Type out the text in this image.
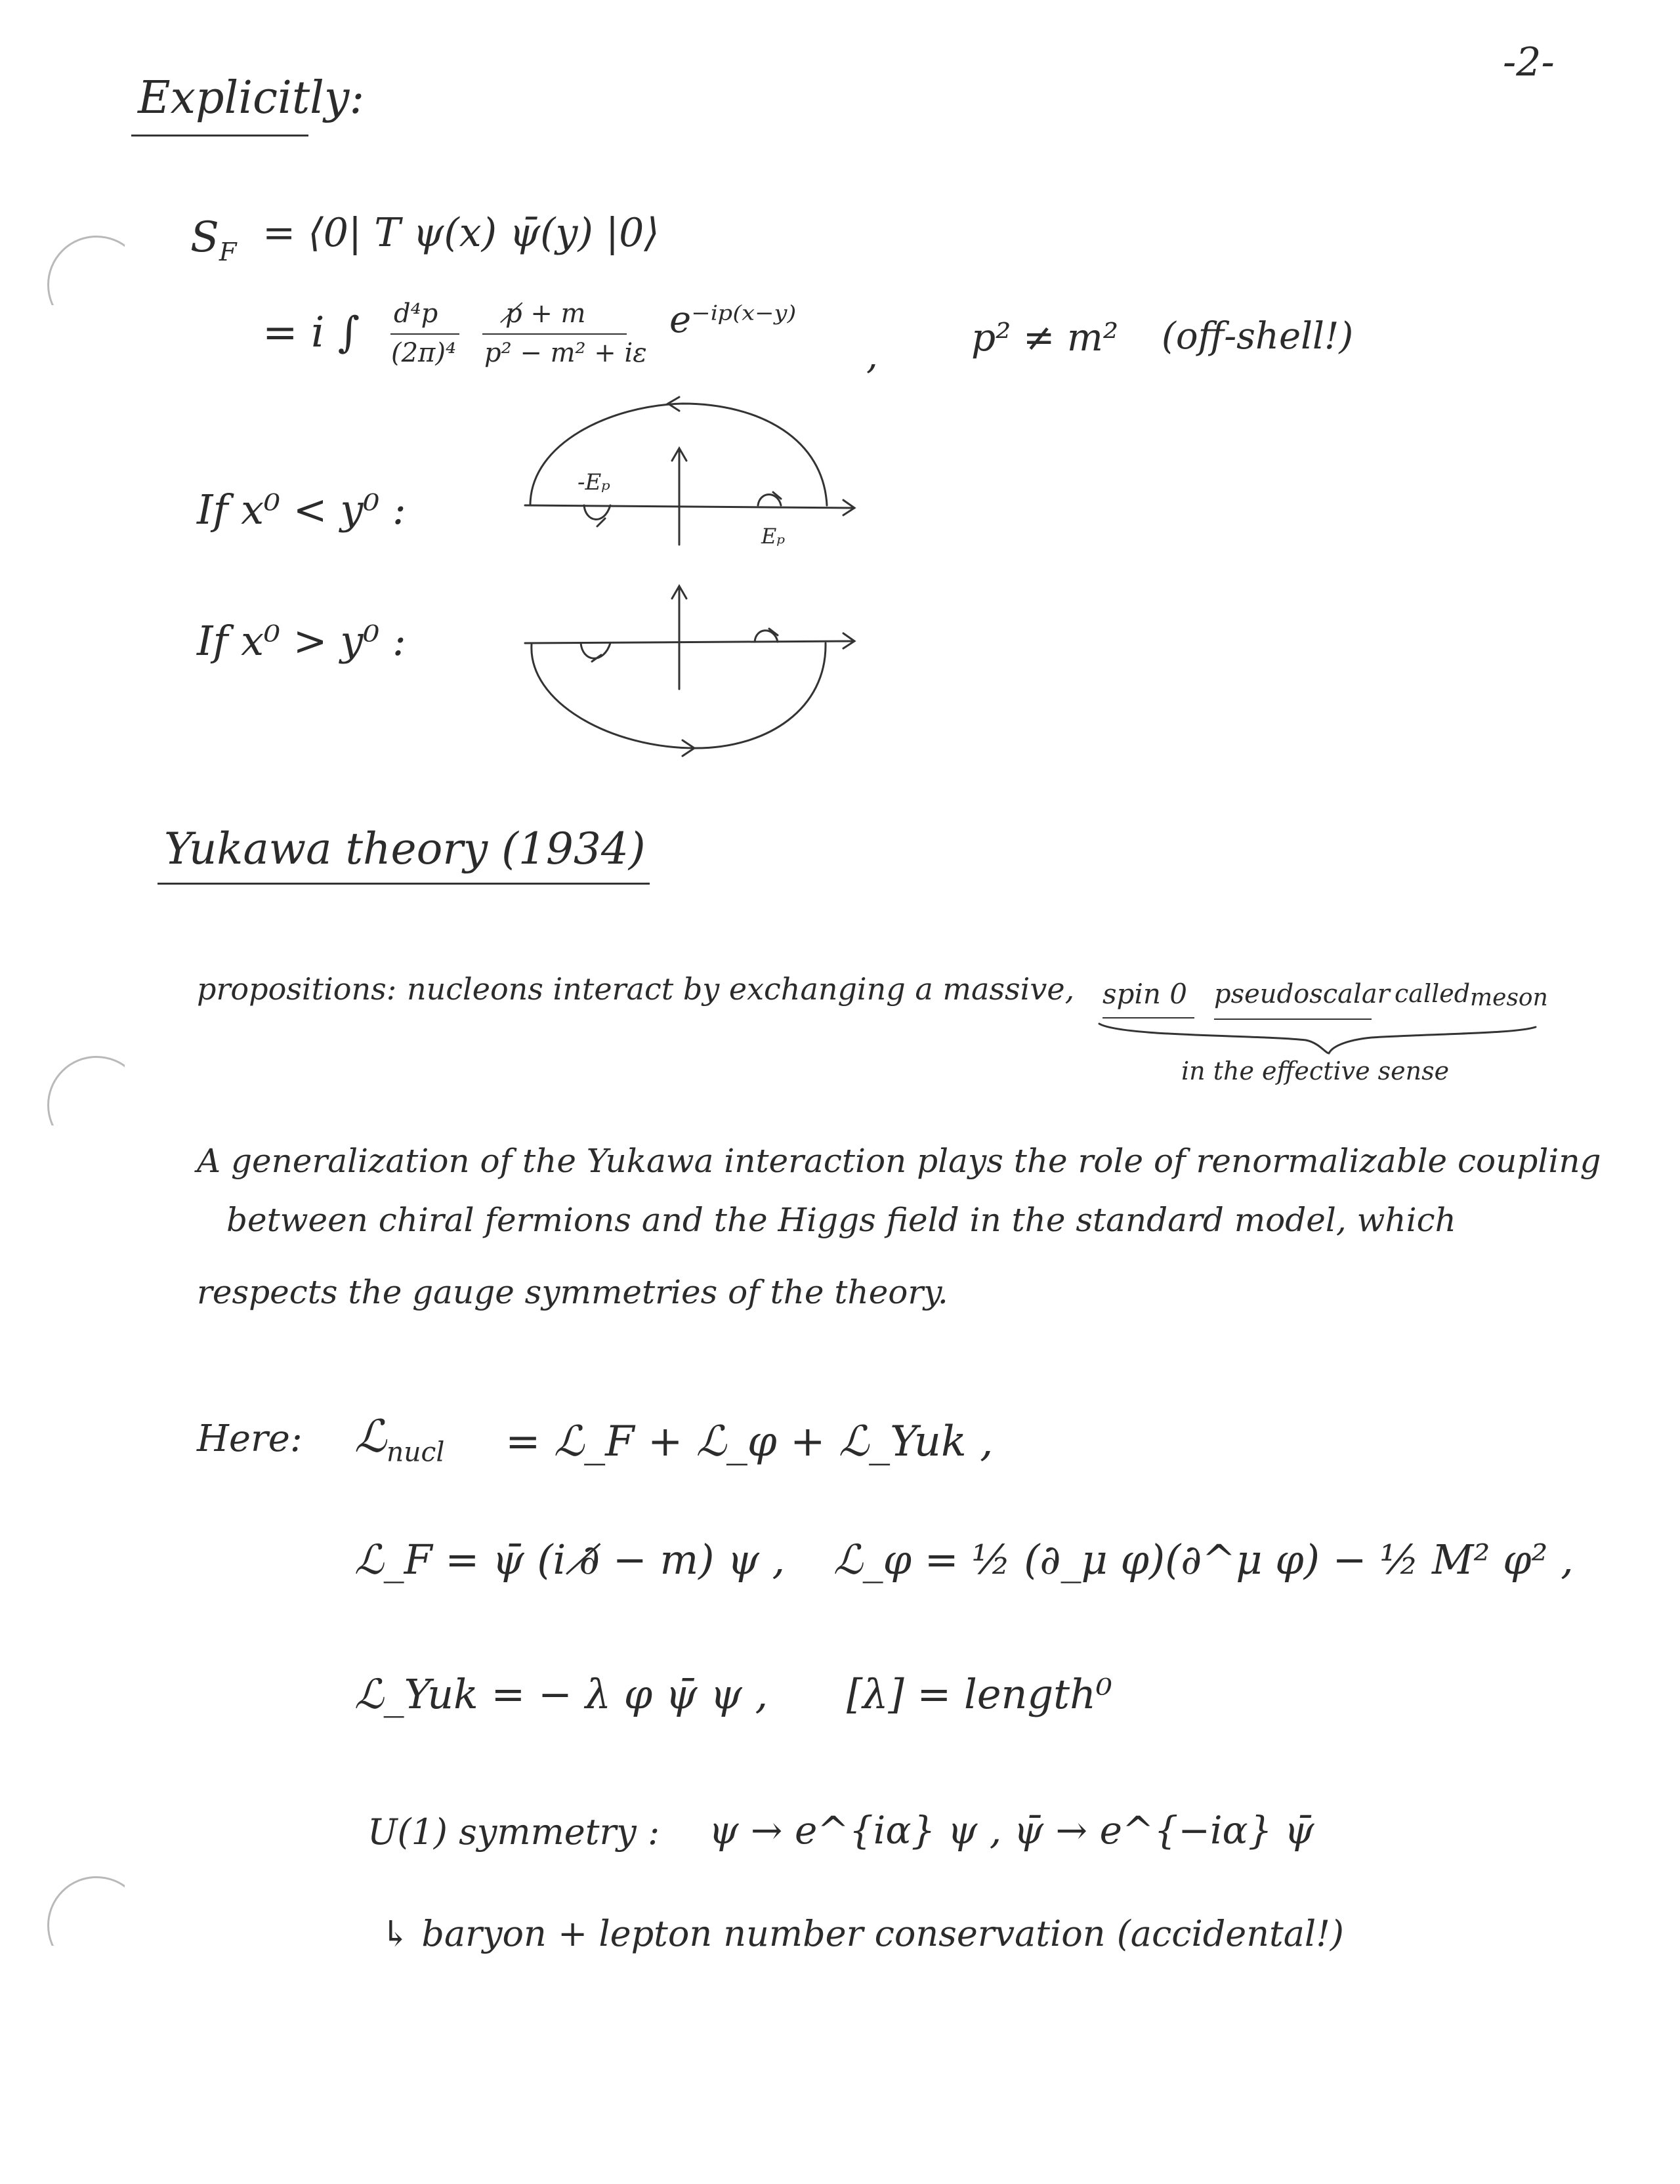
-2-
Explicitly:
$S_F$ = ⟨0| T ψ(x) ψ̄(y) |0⟩
= i ∫ d⁴p
(2π)⁴
p̸ + m
p² − m² + iε
e⁻ⁱᵖ⁽ˣ⁻ʸ⁾
, p² ≠ m² (off-shell!)
If x⁰ < y⁰ :
If x⁰ > y⁰ :
-Eₚ
Eₚ
Yukawa theory (1934)
propositions: nucleons interact by exchanging a massive, spin 0 pseudoscalar called meson
in the effective sense
A generalization of the Yukawa interaction plays the role of renormalizable coupling
between chiral fermions and the Higgs field in the standard model, which
respects the gauge symmetries of the theory.
Here: ℒ$_{nucl}$ = ℒ_F + ℒ_φ + ℒ_Yuk ,
ℒ_F = ψ̄ (i ∂̸ − m) ψ , ℒ_φ = ½ (∂_μ φ)(∂^μ φ) − ½ M² φ² ,
ℒ_Yuk = − λ φ ψ̄ ψ , [λ] = length⁰
U(1) symmetry : ψ → e^{iα} ψ , ψ̄ → e^{−iα} ψ̄
↳ baryon + lepton number conservation (accidental!)
